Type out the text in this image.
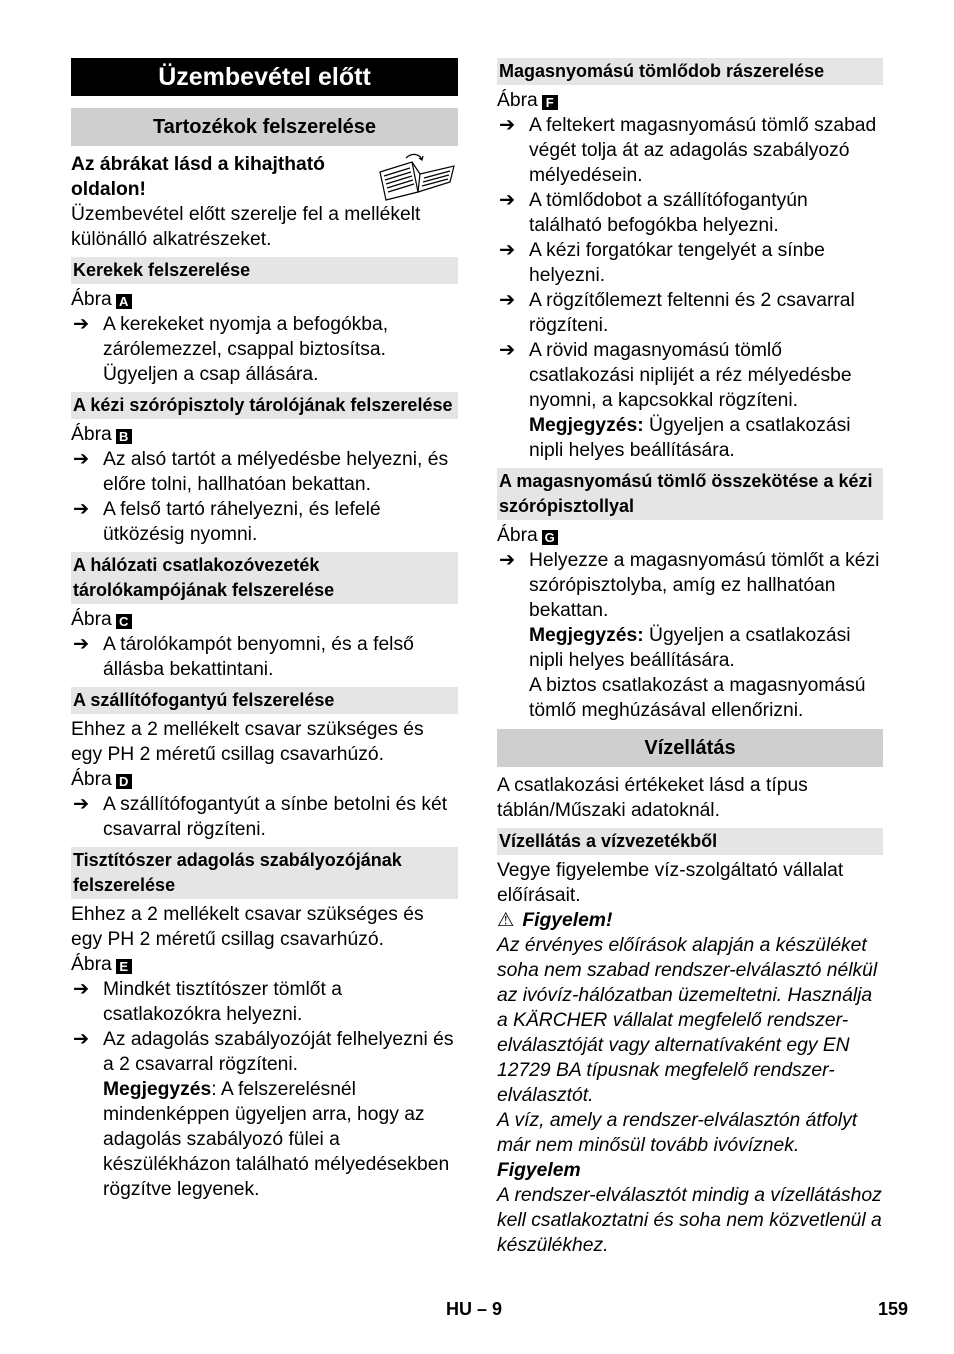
Üzembevétel előtt
Tartozékok felszerelése

Az ábrákat lásd a kihajtható oldalon!

Üzembevétel előtt szerelje fel a mellékelt különálló alkatrészeket.

Kerekek felszerelése

Ábra A

➔ A kerekeket nyomja a befogókba, zárólemezzel, csappal biztosítsa. Ügyeljen a csap állására.
A kézi szórópisztoly tárolójának felszerelése

Ábra B

➔ Az alsó tartót a mélyedésbe helyezni, és előre tolni, hallhatóan bekattan.
➔ A felső tartó ráhelyezni, és lefelé ütközésig nyomni.
A hálózati csatlakozóvezeték tárolókampójának felszerelése

Ábra C

➔ A tárolókampót benyomni, és a felső állásba bekattintani.
A szállítófogantyú felszerelése

Ehhez a 2 mellékelt csavar szükséges és egy PH 2 méretű csillag csavarhúzó.

Ábra D

➔ A szállítófogantyút a sínbe betolni és két csavarral rögzíteni.
Tisztítószer adagolás szabályozójának felszerelése

Ehhez a 2 mellékelt csavar szükséges és egy PH 2 méretű csillag csavarhúzó.

Ábra E

➔ Mindkét tisztítószer tömlőt a csatlakozókra helyezni.
➔ Az adagolás szabályozóját felhelyezni és a 2 csavarral rögzíteni.

Megjegyzés: A felszerelésnél mindenképpen ügyeljen arra, hogy az adagolás szabályozó fülei a készülékházon található mélyedésekben rögzítve legyenek.

Magasnyomású tömlődob rászerelése

Ábra F

➔ A feltekert magasnyomású tömlő szabad végét tolja át az adagolás szabályozó mélyedésein.
➔ A tömlődobot a szállítófogantyún található befogókba helyezni.
➔ A kézi forgatókar tengelyét a sínbe helyezni.
➔ A rögzítőlemezt feltenni és 2 csavarral rögzíteni.
➔ A rövid magasnyomású tömlő csatlakozási niplijét a réz mélyedésbe nyomni, a kapcsokkal rögzíteni.

Megjegyzés: Ügyeljen a csatlakozási nipli helyes beállítására.

A magasnyomású tömlő összekötése a kézi szórópisztollyal

Ábra G

➔ Helyezze a magasnyomású tömlőt a kézi szórópisztolyba, amíg ez hallhatóan bekattan.

Megjegyzés: Ügyeljen a csatlakozási nipli helyes beállítására.

A biztos csatlakozást a magasnyomású tömlő meghúzásával ellenőrizni.

Vízellátás

A csatlakozási értékeket lásd a típus táblán/Műszaki adatoknál.

Vízellátás a vízvezetékből

Vegye figyelembe víz-szolgáltató vállalat előírásait.

⚠ Figyelem!

Az érvényes előírások alapján a készüléket soha nem szabad rendszer-elválasztó nélkül az ivóvíz-hálózatban üzemeltetni. Használja a KÄRCHER vállalat megfelelő rendszer-elválasztóját vagy alternatívaként egy EN 12729 BA típusnak megfelelő rendszer-elválasztót.

A víz, amely a rendszer-elválasztón átfolyt már nem minősül tovább ivóvíznek.

Figyelem

A rendszer-elválasztót mindig a vízellátáshoz kell csatlakoztatni és soha nem közvetlenül a készülékhez.

HU – 9	159
